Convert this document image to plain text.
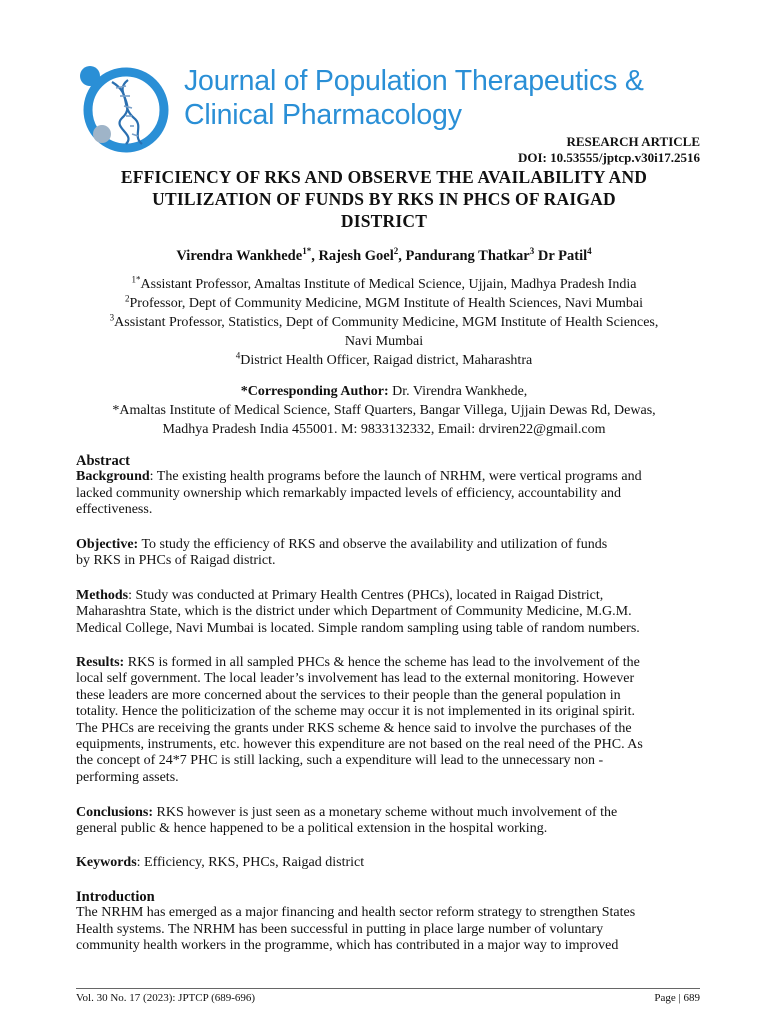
Journal of Population Therapeutics &
Clinical Pharmacology
RESEARCH ARTICLE
DOI: 10.53555/jptcp.v30i17.2516
EFFICIENCY OF RKS AND OBSERVE THE AVAILABILITY AND
UTILIZATION OF FUNDS BY RKS IN PHCS OF RAIGAD
DISTRICT
Virendra Wankhede$^{1*}$, Rajesh Goel$^2$, Pandurang Thatkar$^3$ Dr Patil$^4$
$^{1*}$Assistant Professor, Amaltas Institute of Medical Science, Ujjain, Madhya Pradesh India
$^2$Professor, Dept of Community Medicine, MGM Institute of Health Sciences, Navi Mumbai
$^3$Assistant Professor, Statistics, Dept of Community Medicine, MGM Institute of Health Sciences,
Navi Mumbai
$^4$District Health Officer, Raigad district, Maharashtra
*Corresponding Author: Dr. Virendra Wankhede,
*Amaltas Institute of Medical Science, Staff Quarters, Bangar Villega, Ujjain Dewas Rd, Dewas,
Madhya Pradesh India 455001. M: 9833132332, Email: drviren22@gmail.com
Abstract
Background: The existing health programs before the launch of NRHM, were vertical programs and
lacked community ownership which remarkably impacted levels of efficiency, accountability and
effectiveness.
Objective: To study the efficiency of RKS and observe the availability and utilization of funds
by RKS in PHCs of Raigad district.
Methods: Study was conducted at Primary Health Centres (PHCs), located in Raigad District,
Maharashtra State, which is the district under which Department of Community Medicine, M.G.M.
Medical College, Navi Mumbai is located. Simple random sampling using table of random numbers.
Results: RKS is formed in all sampled PHCs & hence the scheme has lead to the involvement of the
local self government. The local leader’s involvement has lead to the external monitoring. However
these leaders are more concerned about the services to their people than the general population in
totality. Hence the politicization of the scheme may occur it is not implemented in its original spirit.
The PHCs are receiving the grants under RKS scheme & hence said to involve the purchases of the
equipments, instruments, etc. however this expenditure are not based on the real need of the PHC. As
the concept of 24*7 PHC is still lacking, such a expenditure will lead to the unnecessary non -
performing assets.
Conclusions: RKS however is just seen as a monetary scheme without much involvement of the
general public & hence happened to be a political extension in the hospital working.
Keywords: Efficiency, RKS, PHCs, Raigad district
Introduction
The NRHM has emerged as a major financing and health sector reform strategy to strengthen States
Health systems. The NRHM has been successful in putting in place large number of voluntary
community health workers in the programme, which has contributed in a major way to improved
Vol. 30 No. 17 (2023): JPTCP (689-696)	Page | 689
